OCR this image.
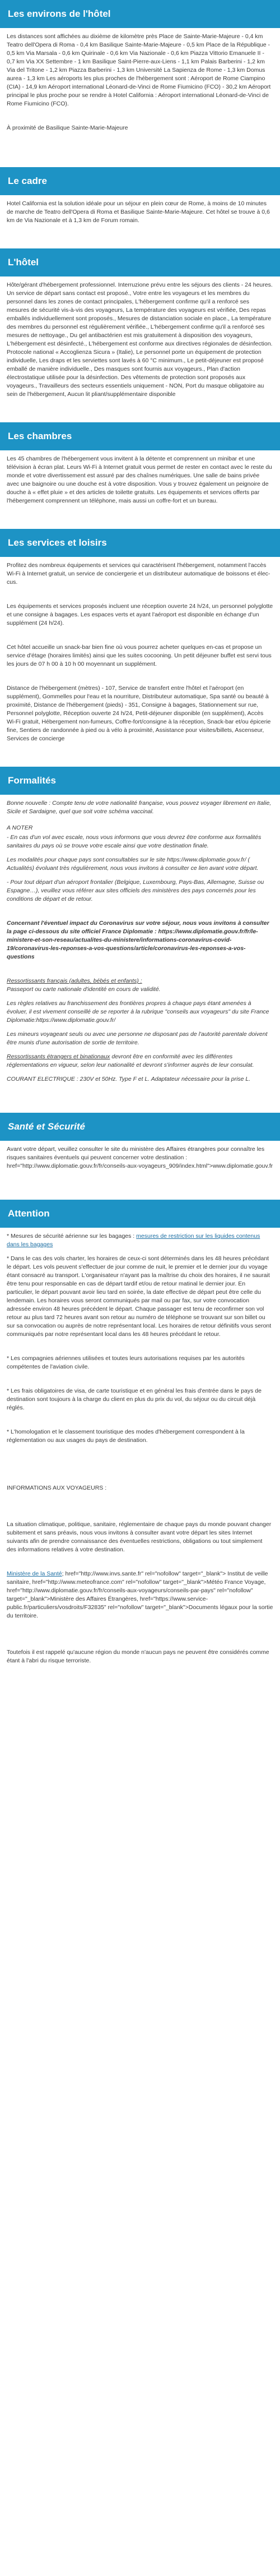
Les environs de l'hôtel

Les distances sont affichées au dixième de kilomètre près Place de Sainte-Marie-Majeure - 0,4 km Teatro dell'Opera di Roma - 0,4 km Basilique Sainte-Marie-Majeure - 0,5 km Place de la République - 0,5 km Via Marsala - 0,6 km Quirinale - 0,6 km Via Nazionale - 0,6 km Piazza Vittorio Emanuele II - 0,7 km Via XX Settembre - 1 km Basilique Saint-Pierre-aux-Liens - 1,1 km Palais Barberini - 1,2 km Via del Tritone - 1,2 km Piazza Barberini - 1,3 km Université La Sapienza de Rome - 1,3 km Domus aurea - 1,3 km Les aéroports les plus proches de l'hébergement sont : Aéroport de Rome Ciampino (CIA) - 14,9 km Aéroport international Léonard-de-Vinci de Rome Fiumicino (FCO) - 30,2 km Aéroport principal le plus proche pour se rendre à Hotel California : Aéroport international Léonard-de-Vinci de Rome Fiumicino (FCO).

À proximité de Basilique Sainte-Marie-Majeure

Le cadre

Hotel California est la solution idéale pour un séjour en plein cœur de Rome, à moins de 10 minutes de marche de Teatro dell'Opera di Roma et Basilique Sainte-Marie-Majeure. Cet hôtel se trouve à 0,6 km de Via Nazionale et à 1,3 km de Forum romain.

L'hôtel

Hôte/gérant d'hébergement professionnel. Interruzione prévu entre les séjours des clients - 24 heures. Un service de départ sans contact est proposé., Votre entre les voyageurs et les membres du personnel dans les zones de contact principales, L'hébergement confirme qu'il a renforcé ses mesures de sécurité vis-à-vis des voyageurs, La température des voyageurs est vérifiée, Des repas emballés individuellement sont proposés., Mesures de distanciation sociale en place., La température des membres du personnel est régulièrement vérifiée., L'hébergement confirme qu'il a renforcé ses mesures de nettoyage., Du gel antibactérien est mis gratuitement à disposition des voyageurs, L'hébergement est désinfecté., L'hébergement est conforme aux directives régionales de désinfection. Protocole national « Accoglienza Sicura » (Italie), Le personnel porte un équipement de protection individuelle, Les draps et les serviettes sont lavés à 60 °C minimum., Le petit-déjeuner est proposé emballé de manière individuelle., Des masques sont fournis aux voyageurs., Plan d'action électrostatique utilisée pour la désinfection. Des vêtements de protection sont proposés aux voyageurs., Travailleurs des secteurs essentiels uniquement - NON, Port du masque obligatoire au sein de l'hébergement, Aucun lit pliant/supplémentaire disponible

Les chambres

Les 45 chambres de l'hébergement vous invitent à la détente et comprennent un minibar et une télévision à écran plat. Leurs Wi-Fi à Internet gratuit vous permet de rester en contact avec le reste du monde et votre divertissement est assuré par des chaînes numériques. Une salle de bains privée avec une baignoire ou une douche est à votre disposition. Vous y trouvez également un peignoire de douche à « effet pluie » et des articles de toilette gratuits. Les équipements et services offerts par l'hébergement comprennent un téléphone, mais aussi un coffre-fort et un bureau.

Les services et loisirs

Profitez des nombreux équipements et services qui caractérisent l'hébergement, notamment l'accès Wi-Fi à Internet gratuit, un service de conciergerie et un distributeur automatique de boissons et élec-cus.

Les équipements et services proposés incluent une réception ouverte 24 h/24, un personnel polyglotte et une consigne à bagages. Les espaces verts et ayant l'aéroport est disponible en échange d'un supplément (24 h/24).

Cet hôtel accueille un snack-bar bien fine où vous pourrez acheter quelques en-cas et propose un service d'étage (horaires limités) ainsi que les suites cocooning. Un petit déjeuner buffet est servi tous les jours de 07 h 00 à 10 h 00 moyennant un supplément.

Distance de l'hébergement (mètres) - 107, Service de transfert entre l'hôtel et l'aéroport (en supplément), Gommelles pour l'eau et la nourriture, Distributeur automatique, Spa santé ou beauté à proximité, Distance de l'hébergement (pieds) - 351, Consigne à bagages, Stationnement sur rue, Personnel polyglotte, Réception ouverte 24 h/24, Petit-déjeuner disponible (en supplément), Accès Wi-Fi gratuit, Hébergement non-fumeurs, Coffre-fort/consigne à la réception, Snack-bar et/ou épicerie fine, Sentiers de randonnée à pied ou à vélo à proximité, Assistance pour visites/billets, Ascenseur, Services de concierge

Formalités

Bonne nouvelle : Compte tenu de votre nationalité française, vous pouvez voyager librement en Italie, Sicile et Sardaigne, quel que soit votre schéma vaccinal.

A NOTER

- En cas d'un vol avec escale, nous vous informons que vous devrez être conforme aux formalités sanitaires du pays où se trouve votre escale ainsi que votre destination finale.

Les modalités pour chaque pays sont consultables sur le site https://www.diplomatie.gouv.fr/ ( Actualités) évoluant très régulièrement, nous vous invitons à consulter ce lien avant votre départ.

- Pour tout départ d'un aéroport frontalier (Belgique, Luxembourg, Pays-Bas, Allemagne, Suisse ou Espagne…), veuillez vous référer aux sites officiels des ministères des pays concernés pour les conditions de départ et de retour.

Concernant l'éventuel impact du Coronavirus sur votre séjour, nous vous invitons à consulter la page ci-dessous du site officiel France Diplomatie : https://www.diplomatie.gouv.fr/fr/le-ministere-et-son-reseau/actualites-du-ministere/informations-coronavirus-covid-19/coronavirus-les-reponses-a-vos-questions/article/coronavirus-les-reponses-a-vos-questions

Ressortissants français (adultes, bébés et enfants) :

Passeport ou carte nationale d'identité en cours de validité.

Les règles relatives au franchissement des frontières propres à chaque pays étant amenées à évoluer, il est vivement conseillé de se reporter à la rubrique "conseils aux voyageurs" du site France Diplomatie:https://www.diplomatie.gouv.fr/

Les mineurs voyageant seuls ou avec une personne ne disposant pas de l'autorité parentale doivent être munis d'une autorisation de sortie de territoire.

Ressortissants étrangers et binationaux devront être en conformité avec les différentes réglementations en vigueur, selon leur nationalité et devront s'informer auprès de leur consulat.

COURANT ELECTRIQUE : 230V et 50Hz. Type F et L. Adaptateur nécessaire pour la prise L.

Santé et Sécurité

Avant votre départ, veuillez consulter le site du ministère des Affaires étrangères pour connaître les risques sanitaires éventuels qui peuvent concerner votre destination : href="http://www.diplomatie.gouv.fr/fr/conseils-aux-voyageurs_909/index.html">www.diplomatie.gouv.fr

Attention

* Mesures de sécurité aérienne sur les bagages : mesures de restriction sur les liquides contenus dans les bagages

* Dans le cas des vols charter, les horaires de ceux-ci sont déterminés dans les 48 heures précédant le départ. Les vols peuvent s'effectuer de jour comme de nuit, le premier et le dernier jour du voyage étant consacré au transport. L'organisateur n'ayant pas la maîtrise du choix des horaires, il ne saurait être tenu pour responsable en cas de départ tardif et/ou de retour matinal le dernier jour. En particulier, le départ pouvant avoir lieu tard en soirée, la date effective de départ peut être celle du lendemain. Les horaires vous seront communiqués par mail ou par fax, sur votre convocation adressée environ 48 heures précédent le départ. Chaque passager est tenu de reconfirmer son vol retour au plus tard 72 heures avant son retour au numéro de téléphone se trouvant sur son billet ou sur sa convocation ou auprès de notre représentant local. Les horaires de retour définitifs vous seront communiqués par notre représentant local dans les 48 heures précédant le retour.

* Les compagnies aériennes utilisées et toutes leurs autorisations requises par les autorités compétentes de l'aviation civile.

* Les frais obligatoires de visa, de carte touristique et en général les frais d'entrée dans le pays de destination sont toujours à la charge du client en plus du prix du vol, du séjour ou du circuit déjà réglés.

* L'homologation et le classement touristique des modes d'hébergement correspondent à la réglementation ou aux usages du pays de destination.

INFORMATIONS AUX VOYAGEURS :

La situation climatique, politique, sanitaire, réglementaire de chaque pays du monde pouvant changer subitement et sans préavis, nous vous invitons à consulter avant votre départ les sites Internet suivants afin de prendre connaissance des éventuelles restrictions, obligations ou tout simplement des informations relatives à votre destination.

Ministère de la Santé; href="http://www.invs.sante.fr" rel="nofollow" target="_blank"> Institut de veille sanitaire, href="http://www.meteofrance.com" rel="nofollow" target="_blank">Météo France Voyage, href="http://www.diplomatie.gouv.fr/fr/conseils-aux-voyageurs/conseils-par-pays" rel="nofollow" target="_blank">Ministère des Affaires Étrangères, href="https://www.service-public.fr/particuliers/vosdroits/F32835" rel="nofollow" target="_blank">Documents légaux pour la sortie du territoire.

Toutefois il est rappelé qu'aucune région du monde n'aucun pays ne peuvent être considérés comme étant à l'abri du risque terroriste.
